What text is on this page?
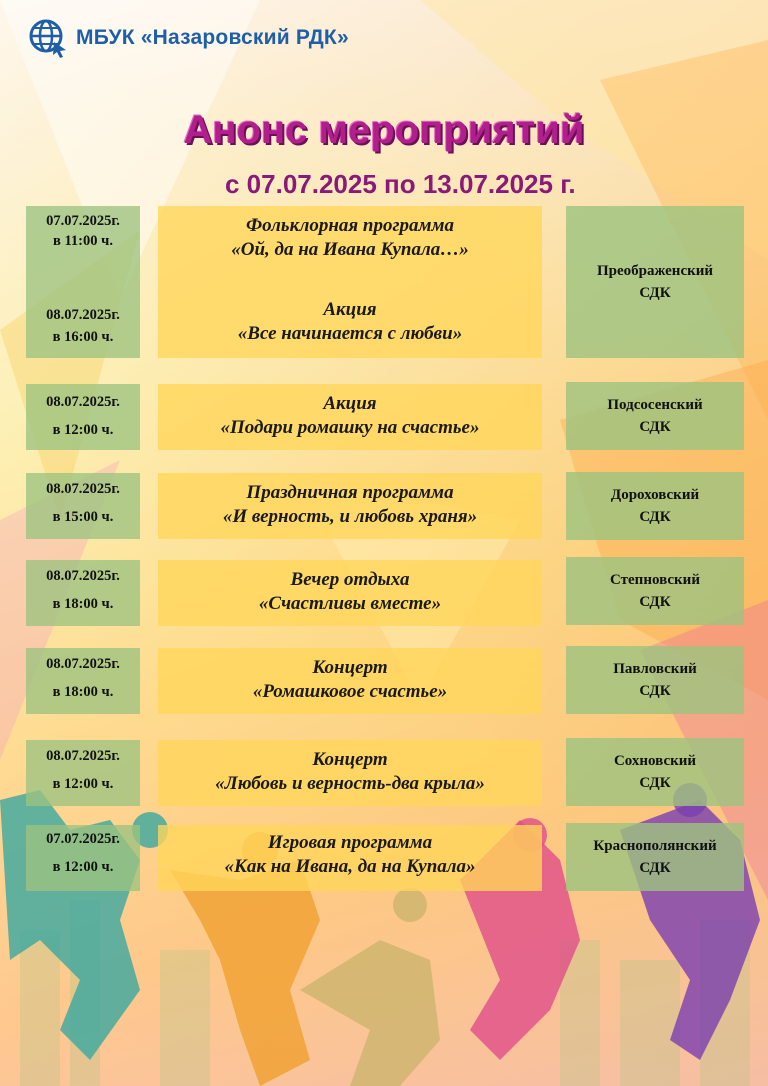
МБУК «Назаровский РДК»
Анонс мероприятий
с 07.07.2025 по 13.07.2025 г.
07.07.2025г.
в 11:00 ч.
08.07.2025г.
в 16:00 ч.
Фольклорная программа
«Ой, да на Ивана Купала…»
Акция
«Все начинается с любви»
Преображенский
СДК
08.07.2025г.
в 12:00 ч.
Акция
«Подари ромашку на счастье»
Подсосенский
СДК
08.07.2025г.
в 15:00 ч.
Праздничная программа
«И верность, и любовь храня»
Дороховский
СДК
08.07.2025г.
в 18:00 ч.
Вечер отдыха
«Счастливы вместе»
Степновский
СДК
08.07.2025г.
в 18:00 ч.
Концерт
«Ромашковое счастье»
Павловский
СДК
08.07.2025г.
в 12:00 ч.
Концерт
«Любовь и верность-два крыла»
Сохновский
СДК
07.07.2025г.
в 12:00 ч.
Игровая программа
«Как на Ивана, да на Купала»
Краснополянский
СДК
